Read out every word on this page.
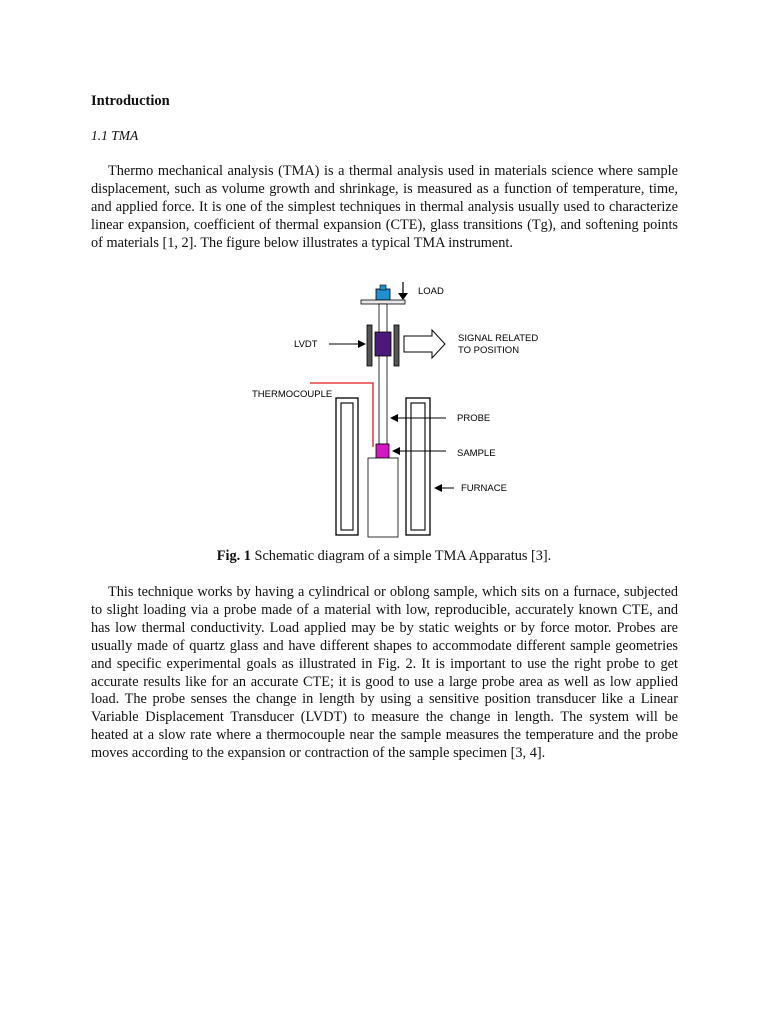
Introduction
1.1 TMA

Thermo mechanical analysis (TMA) is a thermal analysis used in materials science where sample displacement, such as volume growth and shrinkage, is measured as a function of temperature, time, and applied force. It is one of the simplest techniques in thermal analysis usually used to characterize linear expansion, coefficient of thermal expansion (CTE), glass transitions (Tg), and softening points of materials [1, 2]. The figure below illustrates a typical TMA instrument.

LOAD
LVDT
SIGNAL RELATED
TO POSITION
THERMOCOUPLE
PROBE
SAMPLE
FURNACE
Fig. 1 Schematic diagram of a simple TMA Apparatus [3].

This technique works by having a cylindrical or oblong sample, which sits on a furnace, subjected to slight loading via a probe made of a material with low, reproducible, accurately known CTE, and has low thermal conductivity. Load applied may be by static weights or by force motor. Probes are usually made of quartz glass and have different shapes to accommodate different sample geometries and specific experimental goals as illustrated in Fig. 2. It is important to use the right probe to get accurate results like for an accurate CTE; it is good to use a large probe area as well as low applied load. The probe senses the change in length by using a sensitive position transducer like a Linear Variable Displacement Transducer (LVDT) to measure the change in length. The system will be heated at a slow rate where a thermocouple near the sample measures the temperature and the probe moves according to the expansion or contraction of the sample specimen [3, 4].
